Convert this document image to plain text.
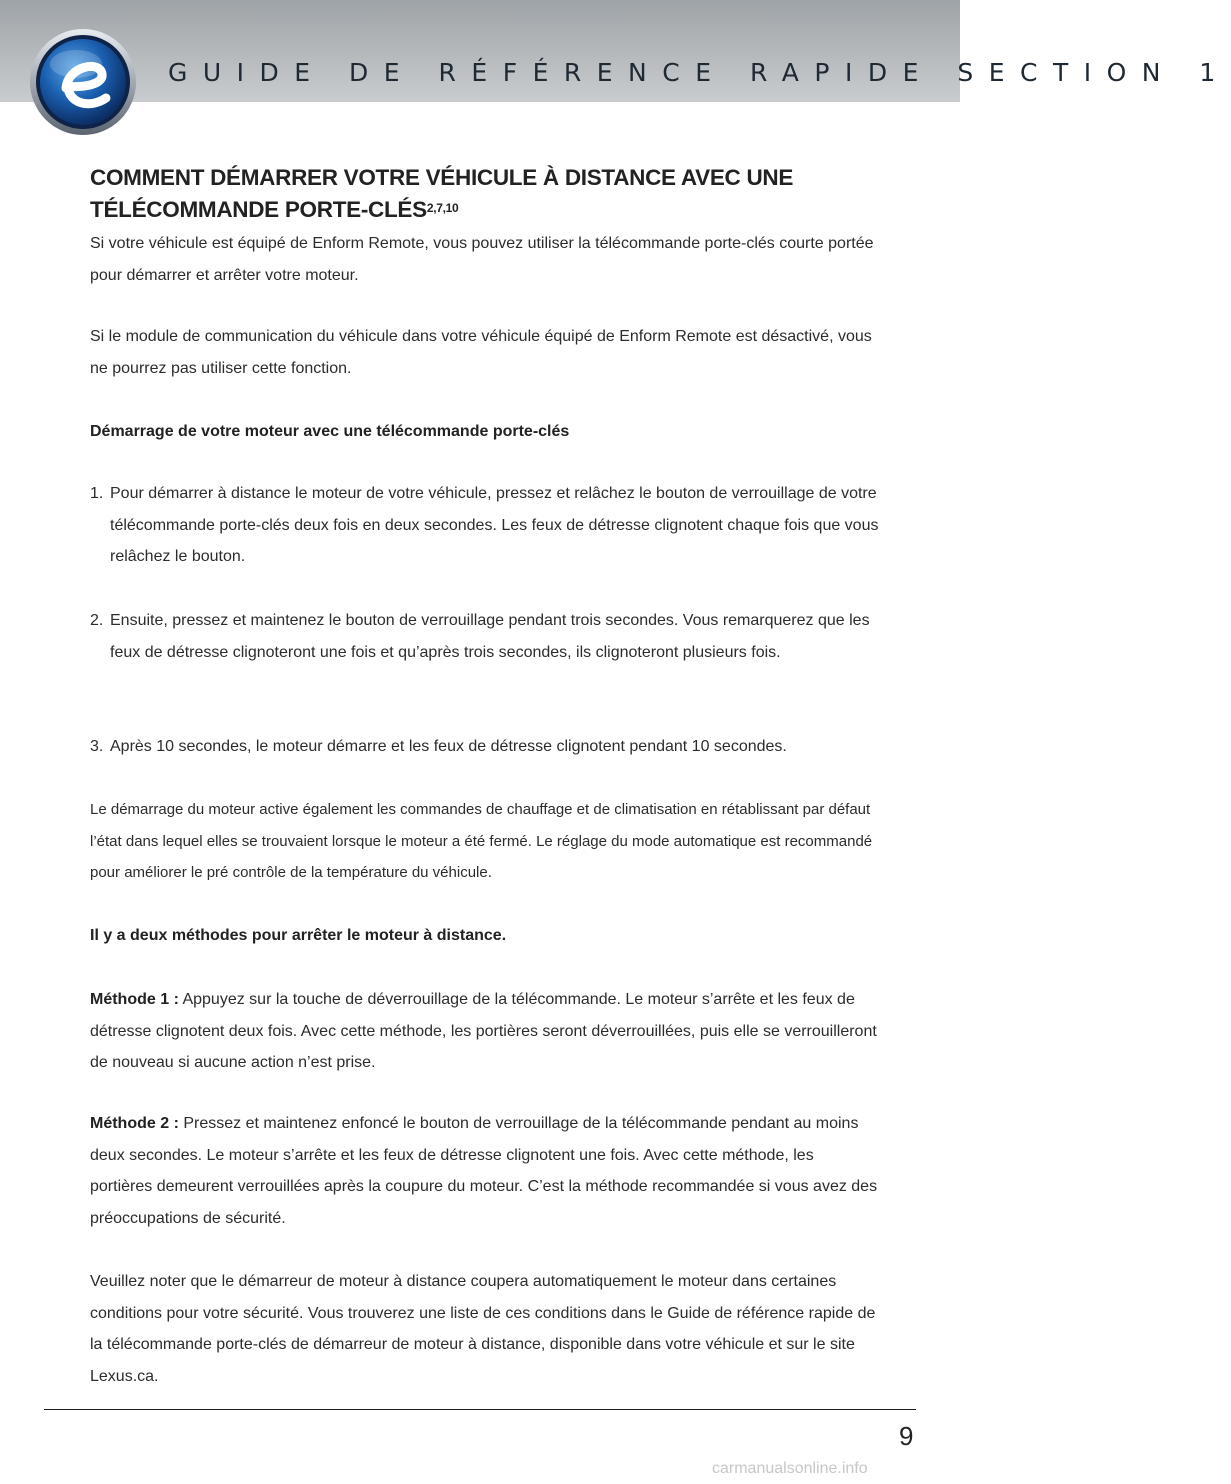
GUIDE DE RÉFÉRENCE RAPIDE SECTION 1
COMMENT DÉMARRER VOTRE VÉHICULE À DISTANCE AVEC UNE
TÉLÉCOMMANDE PORTE-CLÉS$^{2,7,10}$

Si votre véhicule est équipé de Enform Remote, vous pouvez utiliser la télécommande porte-clés courte portée pour démarrer et arrêter votre moteur.

Si le module de communication du véhicule dans votre véhicule équipé de Enform Remote est désactivé, vous ne pourrez pas utiliser cette fonction.

Démarrage de votre moteur avec une télécommande porte-clés

1. Pour démarrer à distance le moteur de votre véhicule, pressez et relâchez le bouton de verrouillage de votre télécommande porte-clés deux fois en deux secondes. Les feux de détresse clignotent chaque fois que vous relâchez le bouton.
2. Ensuite, pressez et maintenez le bouton de verrouillage pendant trois secondes. Vous remarquerez que les feux de détresse clignoteront une fois et qu’après trois secondes, ils clignoteront plusieurs fois.
3. Après 10 secondes, le moteur démarre et les feux de détresse clignotent pendant 10 secondes.

Le démarrage du moteur active également les commandes de chauffage et de climatisation en rétablissant par défaut l’état dans lequel elles se trouvaient lorsque le moteur a été fermé. Le réglage du mode automatique est recommandé pour améliorer le pré contrôle de la température du véhicule.

Il y a deux méthodes pour arrêter le moteur à distance.

Méthode 1 : Appuyez sur la touche de déverrouillage de la télécommande. Le moteur s’arrête et les feux de détresse clignotent deux fois. Avec cette méthode, les portières seront déverrouillées, puis elle se verrouilleront de nouveau si aucune action n’est prise.

Méthode 2 : Pressez et maintenez enfoncé le bouton de verrouillage de la télécommande pendant au moins deux secondes. Le moteur s’arrête et les feux de détresse clignotent une fois. Avec cette méthode, les portières demeurent verrouillées après la coupure du moteur. C’est la méthode recommandée si vous avez des préoccupations de sécurité.

Veuillez noter que le démarreur de moteur à distance coupera automatiquement le moteur dans certaines conditions pour votre sécurité. Vous trouverez une liste de ces conditions dans le Guide de référence rapide de la télécommande porte-clés de démarreur de moteur à distance, disponible dans votre véhicule et sur le site Lexus.ca.

9
carmanualsonline.info
